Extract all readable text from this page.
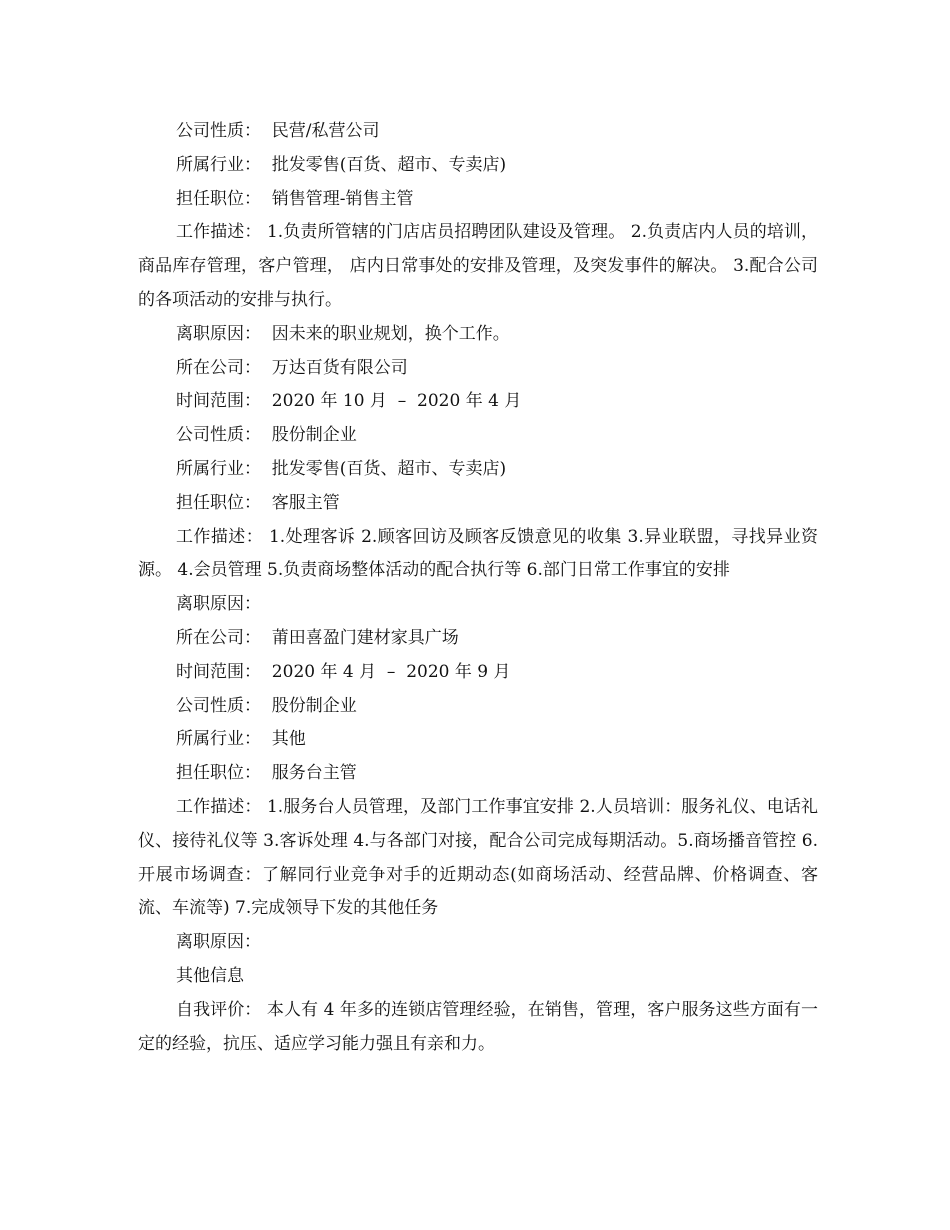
公司性质：  民营/私营公司
所属行业：  批发零售(百货、超市、专卖店)
担任职位：  销售管理-销售主管
工作描述： 1.负责所管辖的门店店员招聘团队建设及管理。 2.负责店内人员的培训，商品库存管理，客户管理， 店内日常事处的安排及管理，及突发事件的解决。 3.配合公司的各项活动的安排与执行。
离职原因：  因未来的职业规划，换个工作。
所在公司：  万达百货有限公司
时间范围：  2020 年 10 月  –  2020 年 4 月
公司性质：  股份制企业
所属行业：  批发零售(百货、超市、专卖店)
担任职位：  客服主管
工作描述： 1.处理客诉 2.顾客回访及顾客反馈意见的收集 3.异业联盟，寻找异业资源。 4.会员管理 5.负责商场整体活动的配合执行等 6.部门日常工作事宜的安排
离职原因：
所在公司：  莆田喜盈门建材家具广场
时间范围：  2020 年 4 月  –  2020 年 9 月
公司性质：  股份制企业
所属行业：  其他
担任职位：  服务台主管
工作描述： 1.服务台人员管理，及部门工作事宜安排 2.人员培训：服务礼仪、电话礼仪、接待礼仪等 3.客诉处理 4.与各部门对接，配合公司完成每期活动。5.商场播音管控 6.开展市场调查：了解同行业竞争对手的近期动态(如商场活动、经营品牌、价格调查、客流、车流等) 7.完成领导下发的其他任务
离职原因：
其他信息
自我评价： 本人有 4 年多的连锁店管理经验，在销售，管理，客户服务这些方面有一定的经验，抗压、适应学习能力强且有亲和力。
